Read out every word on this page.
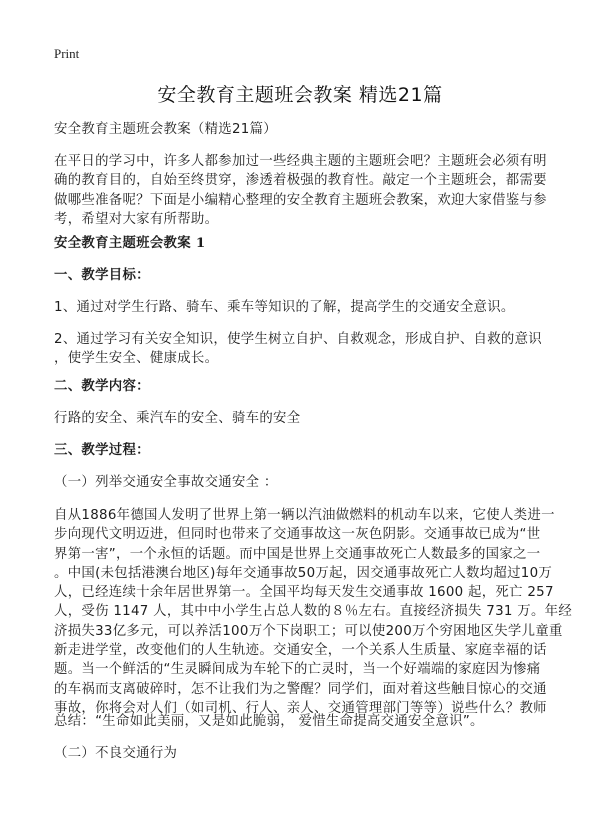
Print
安全教育主题班会教案 精选21篇
安全教育主题班会教案（精选21篇）
在平日的学习中，许多人都参加过一些经典主题的主题班会吧？主题班会必须有明
确的教育目的，自始至终贯穿，渗透着极强的教育性。敲定一个主题班会，都需要
做哪些准备呢？下面是小编精心整理的安全教育主题班会教案，欢迎大家借鉴与参
考，希望对大家有所帮助。
安全教育主题班会教案 1
一、教学目标：
1、通过对学生行路、骑车、乘车等知识的了解，提高学生的交通安全意识。
2、通过学习有关安全知识，使学生树立自护、自救观念，形成自护、自救的意识
，使学生安全、健康成长。
二、教学内容：
行路的安全、乘汽车的安全、骑车的安全
三、教学过程：
（一）列举交通安全事故交通安全 ：
自从1886年德国人发明了世界上第一辆以汽油做燃料的机动车以来，它使人类进一
步向现代文明迈进，但同时也带来了交通事故这一灰色阴影。交通事故已成为“世
界第一害”，一个永恒的话题。而中国是世界上交通事故死亡人数最多的国家之一
。中国(未包括港澳台地区)每年交通事故50万起，因交通事故死亡人数均超过10万
人，已经连续十余年居世界第一。全国平均每天发生交通事故 1600 起，死亡 257
人，受伤 1147 人，其中中小学生占总人数的８％左右。直接经济损失 731 万。年经
济损失33亿多元，可以养活100万个下岗职工；可以使200万个穷困地区失学儿童重
新走进学堂，改变他们的人生轨迹。交通安全，一个关系人生质量、家庭幸福的话
题。当一个鲜活的“生灵瞬间成为车轮下的亡灵时，当一个好端端的家庭因为惨痛
的车祸而支离破碎时，怎不让我们为之警醒？同学们，面对着这些触目惊心的交通
事故，你将会对人们（如司机、行人、亲人、交通管理部门等等）说些什么？教师
总结：“生命如此美丽，又是如此脆弱， 爱惜生命提高交通安全意识”。
（二）不良交通行为
